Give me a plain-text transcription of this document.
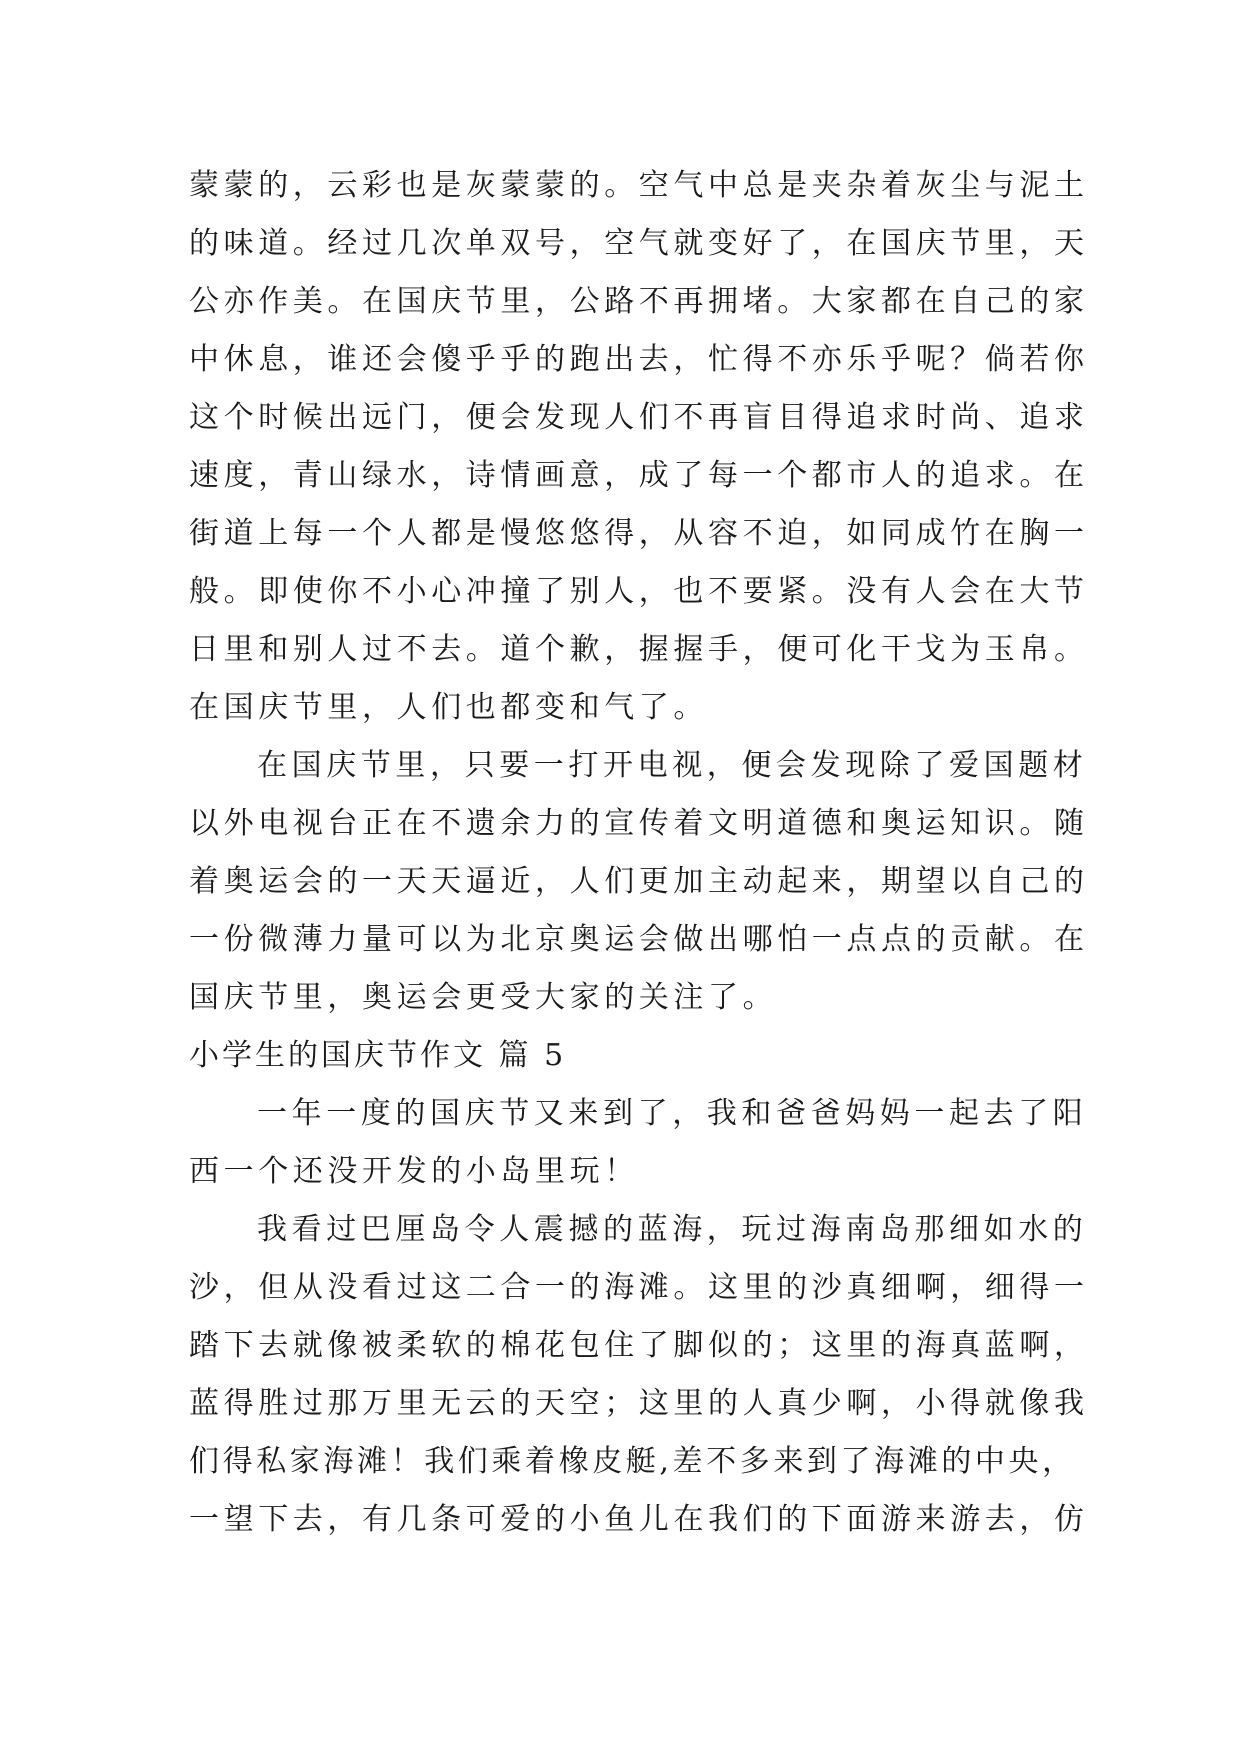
蒙蒙的，云彩也是灰蒙蒙的。空气中总是夹杂着灰尘与泥土
的味道。经过几次单双号，空气就变好了，在国庆节里，天
公亦作美。在国庆节里，公路不再拥堵。大家都在自己的家
中休息，谁还会傻乎乎的跑出去，忙得不亦乐乎呢？倘若你
这个时候出远门，便会发现人们不再盲目得追求时尚、追求
速度，青山绿水，诗情画意，成了每一个都市人的追求。在
街道上每一个人都是慢悠悠得，从容不迫，如同成竹在胸一
般。即使你不小心冲撞了别人，也不要紧。没有人会在大节
日里和别人过不去。道个歉，握握手，便可化干戈为玉帛。
在国庆节里，人们也都变和气了。
在国庆节里，只要一打开电视，便会发现除了爱国题材
以外电视台正在不遗余力的宣传着文明道德和奥运知识。随
着奥运会的一天天逼近，人们更加主动起来，期望以自己的
一份微薄力量可以为北京奥运会做出哪怕一点点的贡献。在
国庆节里，奥运会更受大家的关注了。
小学生的国庆节作文 篇 5
一年一度的国庆节又来到了，我和爸爸妈妈一起去了阳
西一个还没开发的小岛里玩！
我看过巴厘岛令人震撼的蓝海，玩过海南岛那细如水的
沙，但从没看过这二合一的海滩。这里的沙真细啊，细得一
踏下去就像被柔软的棉花包住了脚似的；这里的海真蓝啊，
蓝得胜过那万里无云的天空；这里的人真少啊，小得就像我
们得私家海滩！我们乘着橡皮艇,差不多来到了海滩的中央，
一望下去，有几条可爱的小鱼儿在我们的下面游来游去，仿
